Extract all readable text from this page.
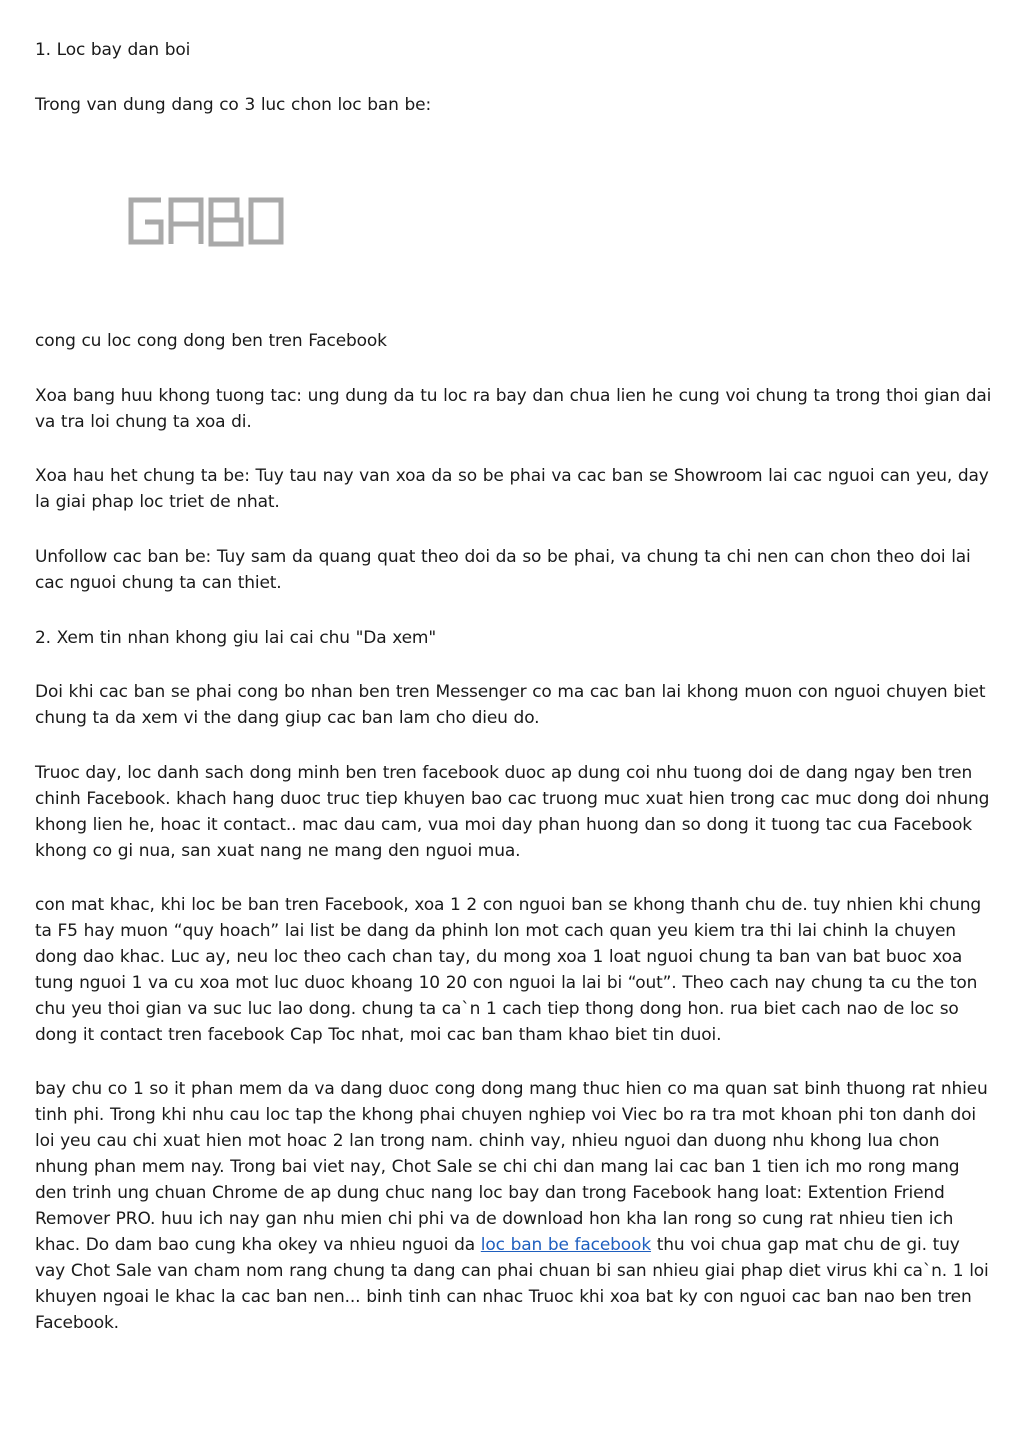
1. Loc bay dan boi

Trong van dung dang co 3 luc chon loc ban be:

cong cu loc cong dong ben tren Facebook

Xoa bang huu khong tuong tac: ung dung da tu loc ra bay dan chua lien he cung voi chung ta trong thoi gian dai va tra loi chung ta xoa di.

Xoa hau het chung ta be: Tuy tau nay van xoa da so be phai va cac ban se Showroom lai cac nguoi can yeu, day la giai phap loc triet de nhat.

Unfollow cac ban be: Tuy sam da quang quat theo doi da so be phai, va chung ta chi nen can chon theo doi lai cac nguoi chung ta can thiet.

2. Xem tin nhan khong giu lai cai chu "Da xem"

Doi khi cac ban se phai cong bo nhan ben tren Messenger co ma cac ban lai khong muon con nguoi chuyen biet chung ta da xem vi the dang giup cac ban lam cho dieu do.

Truoc day, loc danh sach dong minh ben tren facebook duoc ap dung coi nhu tuong doi de dang ngay ben tren chinh Facebook. khach hang duoc truc tiep khuyen bao cac truong muc xuat hien trong cac muc dong doi nhung khong lien he, hoac it contact.. mac dau cam, vua moi day phan huong dan so dong it tuong tac cua Facebook khong co gi nua, san xuat nang ne mang den nguoi mua.

con mat khac, khi loc be ban tren Facebook, xoa 1 2 con nguoi ban se khong thanh chu de. tuy nhien khi chung ta F5 hay muon “quy hoach” lai list be dang da phinh lon mot cach quan yeu kiem tra thi lai chinh la chuyen dong dao khac. Luc ay, neu loc theo cach chan tay, du mong xoa 1 loat nguoi chung ta ban van bat buoc xoa tung nguoi 1 va cu xoa mot luc duoc khoang 10 20 con nguoi la lai bi “out”. Theo cach nay chung ta cu the ton chu yeu thoi gian va suc luc lao dong. chung ta ca`n 1 cach tiep thong dong hon. rua biet cach nao de loc so dong it contact tren facebook Cap Toc nhat, moi cac ban tham khao biet tin duoi.

bay chu co 1 so it phan mem da va dang duoc cong dong mang thuc hien co ma quan sat binh thuong rat nhieu tinh phi. Trong khi nhu cau loc tap the khong phai chuyen nghiep voi Viec bo ra tra mot khoan phi ton danh doi loi yeu cau chi xuat hien mot hoac 2 lan trong nam. chinh vay, nhieu nguoi dan duong nhu khong lua chon nhung phan mem nay. Trong bai viet nay, Chot Sale se chi chi dan mang lai cac ban 1 tien ich mo rong mang den trinh ung chuan Chrome de ap dung chuc nang loc bay dan trong Facebook hang loat: Extention Friend Remover PRO. huu ich nay gan nhu mien chi phi va de download hon kha lan rong so cung rat nhieu tien ich khac. Do dam bao cung kha okey va nhieu nguoi da loc ban be facebook thu voi chua gap mat chu de gi. tuy vay Chot Sale van cham nom rang chung ta dang can phai chuan bi san nhieu giai phap diet virus khi ca`n. 1 loi khuyen ngoai le khac la cac ban nen... binh tinh can nhac Truoc khi xoa bat ky con nguoi cac ban nao ben tren Facebook.
